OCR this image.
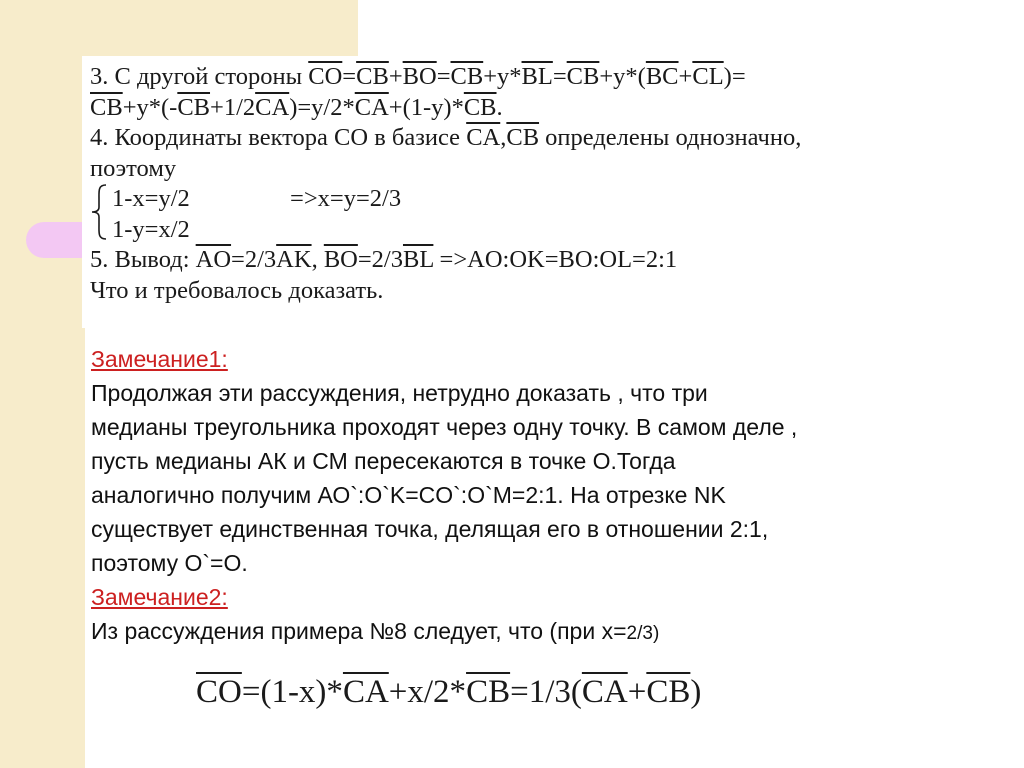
3. С другой стороны $\overline{CO}=\overline{CB}+\overline{BO}=\overline{CB}+y*\overline{BL}=\overline{CB}+y*(\overline{BC}+\overline{CL})=$
$\overline{CB}+y*(-\overline{CB}+1/2\overline{CA})=y/2*\overline{CA}+(1-y)*\overline{CB}$.
4. Координаты вектора CO в базисе $\overline{CA},\overline{CB}$ определены однозначно,
поэтому
1-x=y/2	=>x=y=2/3
1-y=x/2
5. Вывод: $\overline{AO}=2/3\overline{AK}$, $\overline{BO}=2/3\overline{BL}$ =>AO:OK=BO:OL=2:1
Что и требовалось доказать.

Замечание1:

Продолжая эти рассуждения, нетрудно доказать , что три

медианы треугольника проходят через одну точку. В самом деле ,

пусть медианы АК и СМ пересекаются в точке О.Тогда

аналогично получим АО`:О`K=CO`:O`M=2:1. На отрезке NK

существует единственная точка, делящая его в отношении 2:1,

поэтому О`=О.

Замечание2:

Из рассуждения примера №8 следует, что (при x=2/3)

$\overline{CO}=(1-x)*\overline{CA}+x/2*\overline{CB}=1/3(\overline{CA}+\overline{CB})$
